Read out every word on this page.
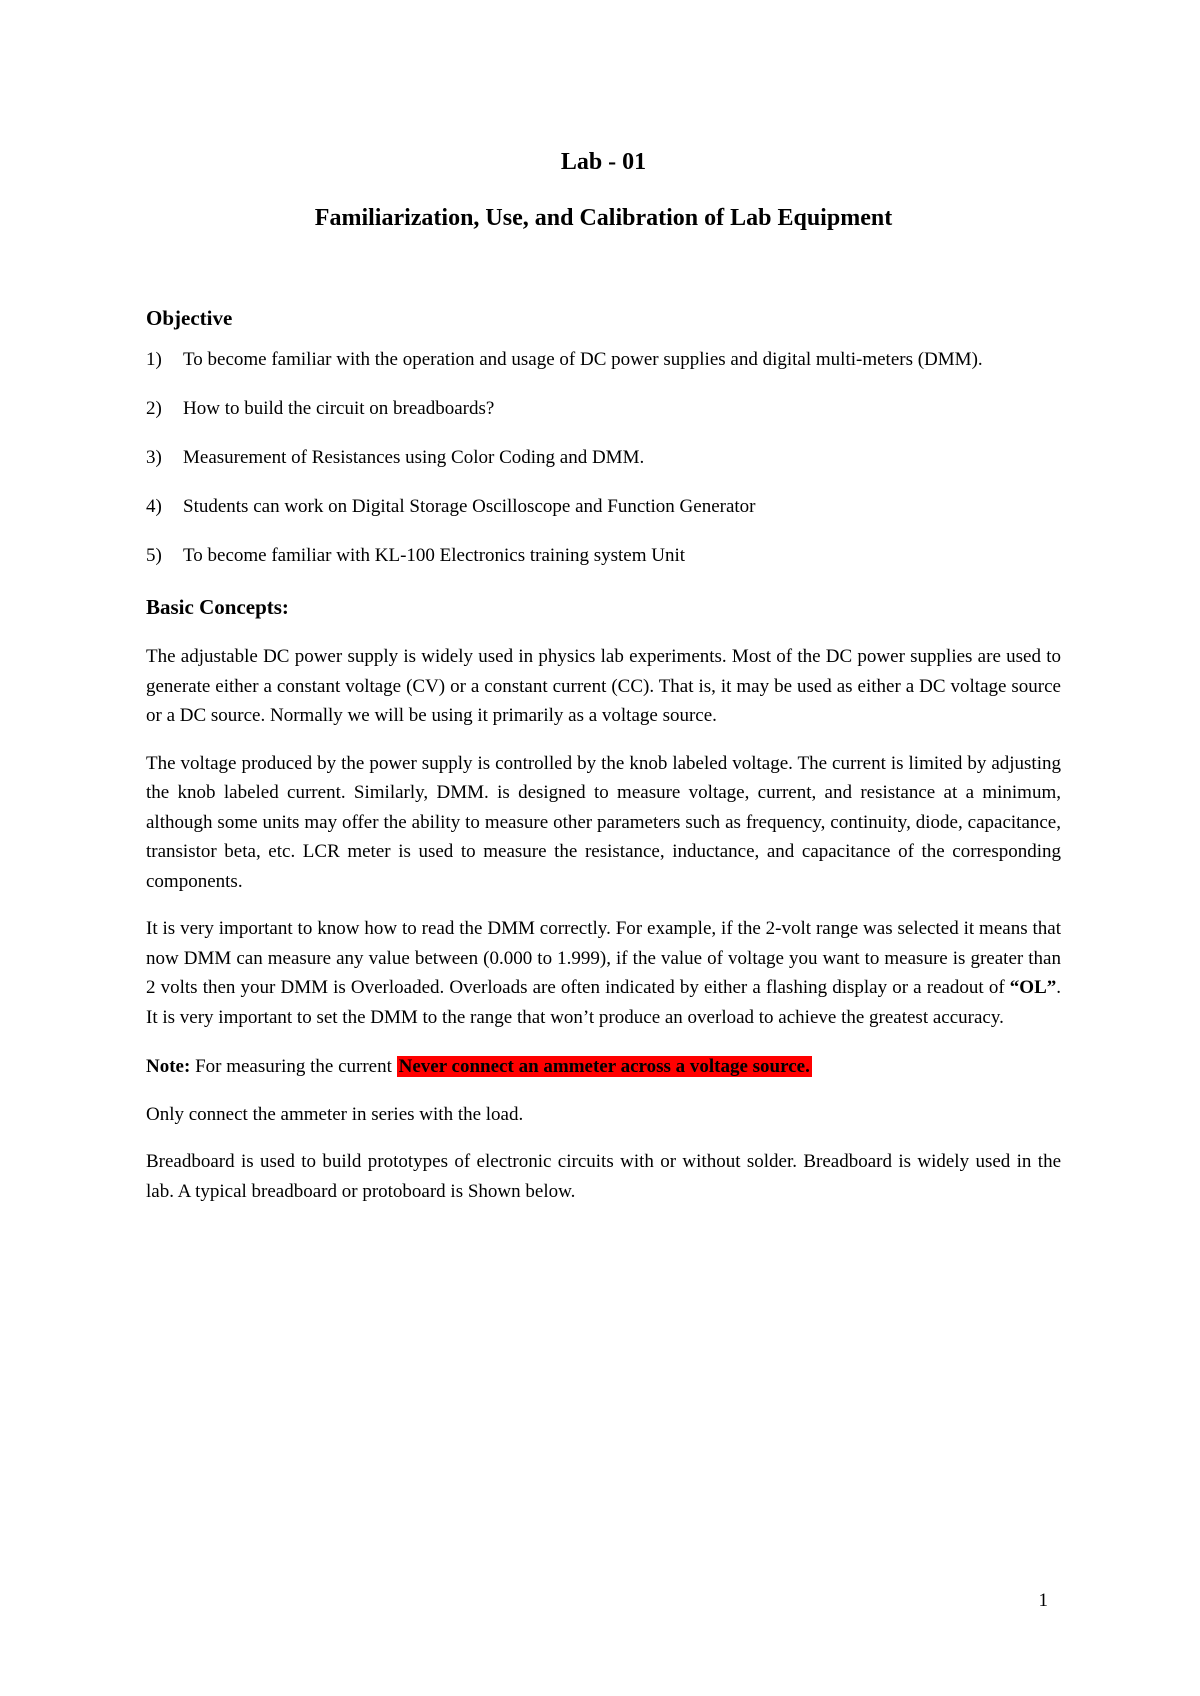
Lab - 01
Familiarization, Use, and Calibration of Lab Equipment
Objective
1) To become familiar with the operation and usage of DC power supplies and digital multi-meters (DMM).
2) How to build the circuit on breadboards?
3) Measurement of Resistances using Color Coding and DMM.
4) Students can work on Digital Storage Oscilloscope and Function Generator
5) To become familiar with KL-100 Electronics training system Unit
Basic Concepts:

The adjustable DC power supply is widely used in physics lab experiments. Most of the DC power supplies are used to generate either a constant voltage (CV) or a constant current (CC). That is, it may be used as either a DC voltage source or a DC source. Normally we will be using it primarily as a voltage source.

The voltage produced by the power supply is controlled by the knob labeled voltage. The current is limited by adjusting the knob labeled current. Similarly, DMM. is designed to measure voltage, current, and resistance at a minimum, although some units may offer the ability to measure other parameters such as frequency, continuity, diode, capacitance, transistor beta, etc. LCR meter is used to measure the resistance, inductance, and capacitance of the corresponding components.

It is very important to know how to read the DMM correctly. For example, if the 2-volt range was selected it means that now DMM can measure any value between (0.000 to 1.999), if the value of voltage you want to measure is greater than 2 volts then your DMM is Overloaded. Overloads are often indicated by either a flashing display or a readout of “OL”. It is very important to set the DMM to the range that won’t produce an overload to achieve the greatest accuracy.

Note: For measuring the current Never connect an ammeter across a voltage source.

Only connect the ammeter in series with the load.

Breadboard is used to build prototypes of electronic circuits with or without solder. Breadboard is widely used in the lab. A typical breadboard or protoboard is Shown below.

1
